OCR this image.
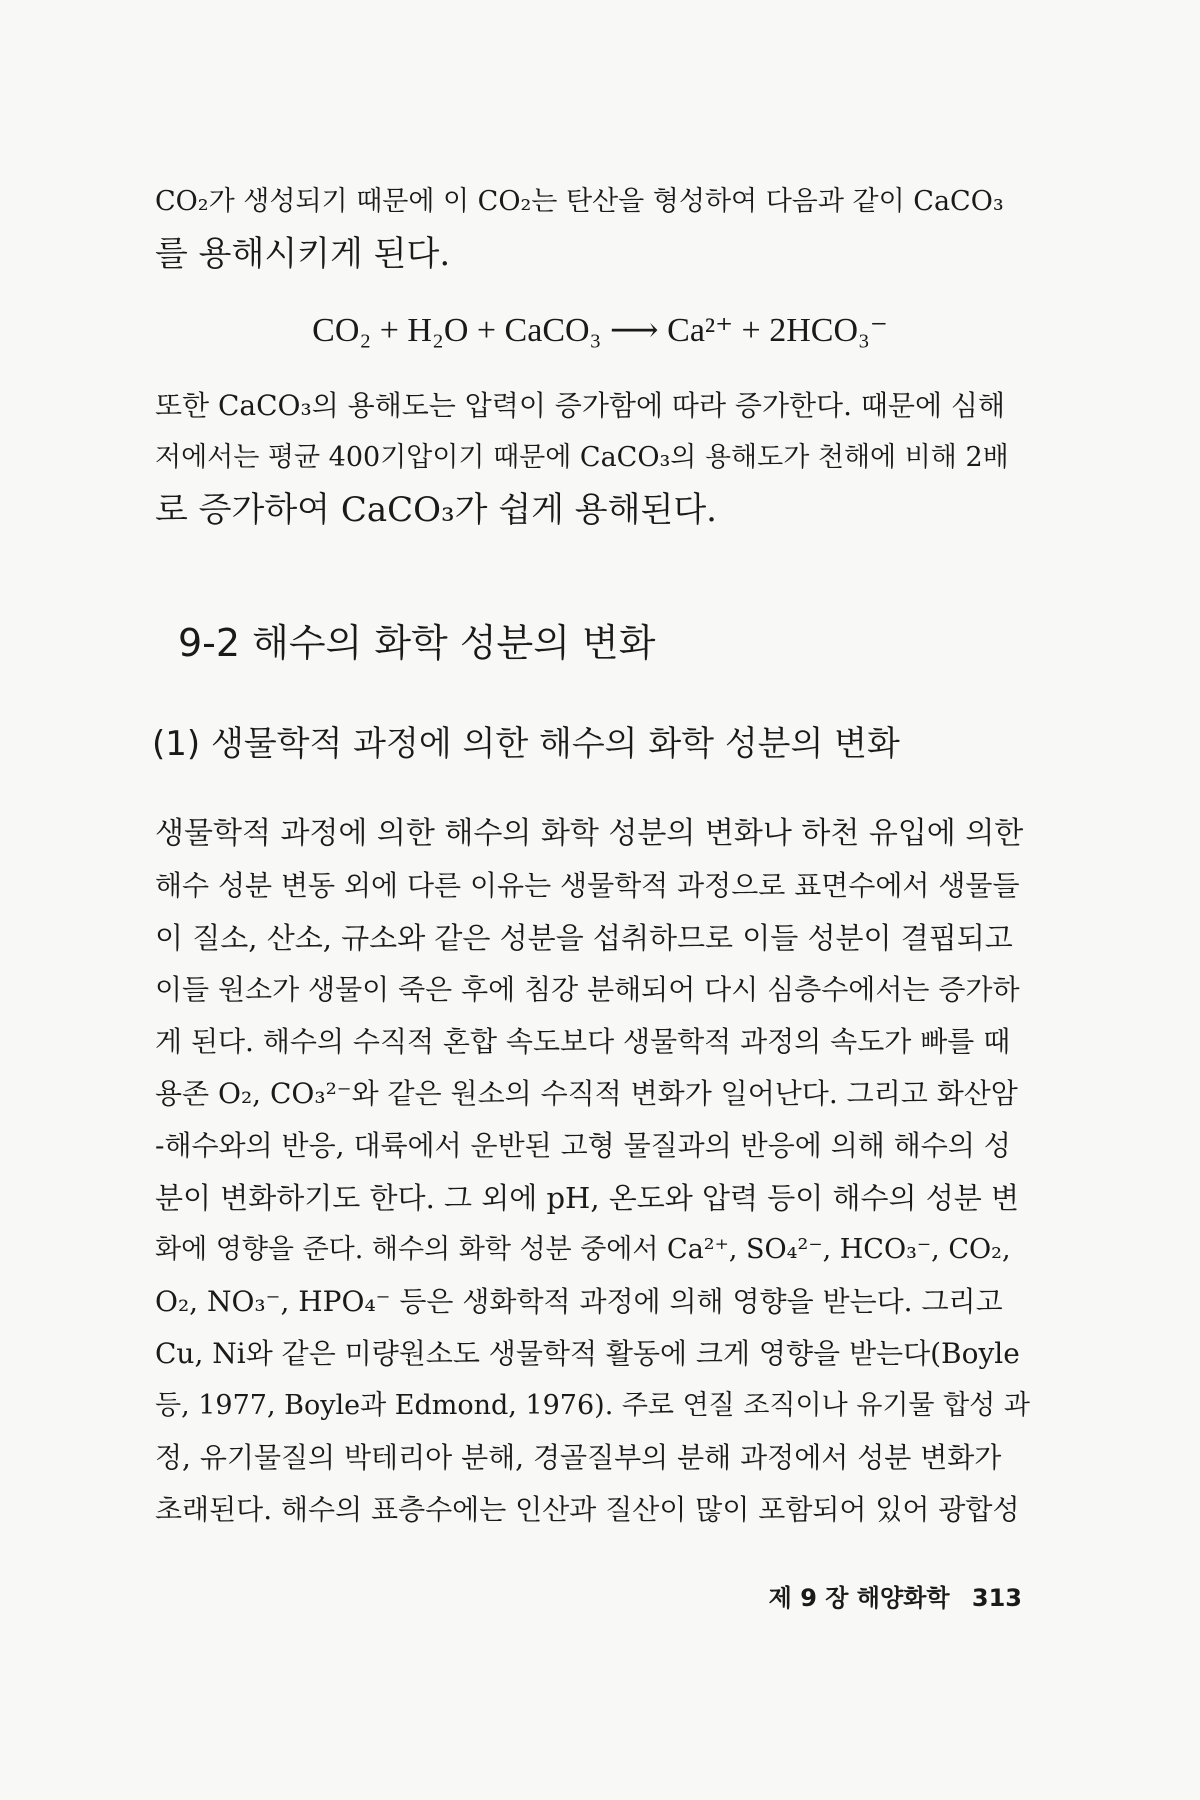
CO₂가 생성되기 때문에 이 CO₂는 탄산을 형성하여 다음과 같이 CaCO₃
를 용해시키게 된다.

CO₂ + H₂O + CaCO₃ ⟶ Ca²⁺ + 2HCO₃⁻

또한 CaCO₃의 용해도는 압력이 증가함에 따라 증가한다. 때문에 심해
저에서는 평균 400기압이기 때문에 CaCO₃의 용해도가 천해에 비해 2배
로 증가하여 CaCO₃가 쉽게 용해된다.
9-2 해수의 화학 성분의 변화
(1) 생물학적 과정에 의한 해수의 화학 성분의 변화
생물학적 과정에 의한 해수의 화학 성분의 변화나 하천 유입에 의한
해수 성분 변동 외에 다른 이유는 생물학적 과정으로 표면수에서 생물들
이 질소, 산소, 규소와 같은 성분을 섭취하므로 이들 성분이 결핍되고
이들 원소가 생물이 죽은 후에 침강 분해되어 다시 심층수에서는 증가하
게 된다. 해수의 수직적 혼합 속도보다 생물학적 과정의 속도가 빠를 때
용존 O₂, CO₃²⁻와 같은 원소의 수직적 변화가 일어난다. 그리고 화산암
-해수와의 반응, 대륙에서 운반된 고형 물질과의 반응에 의해 해수의 성
분이 변화하기도 한다. 그 외에 pH, 온도와 압력 등이 해수의 성분 변
화에 영향을 준다. 해수의 화학 성분 중에서 Ca²⁺, SO₄²⁻, HCO₃⁻, CO₂,
O₂, NO₃⁻, HPO₄⁻ 등은 생화학적 과정에 의해 영향을 받는다. 그리고
Cu, Ni와 같은 미량원소도 생물학적 활동에 크게 영향을 받는다(Boyle
등, 1977, Boyle과 Edmond, 1976). 주로 연질 조직이나 유기물 합성 과
정, 유기물질의 박테리아 분해, 경골질부의 분해 과정에서 성분 변화가
초래된다. 해수의 표층수에는 인산과 질산이 많이 포함되어 있어 광합성
제 9 장 해양화학 313
